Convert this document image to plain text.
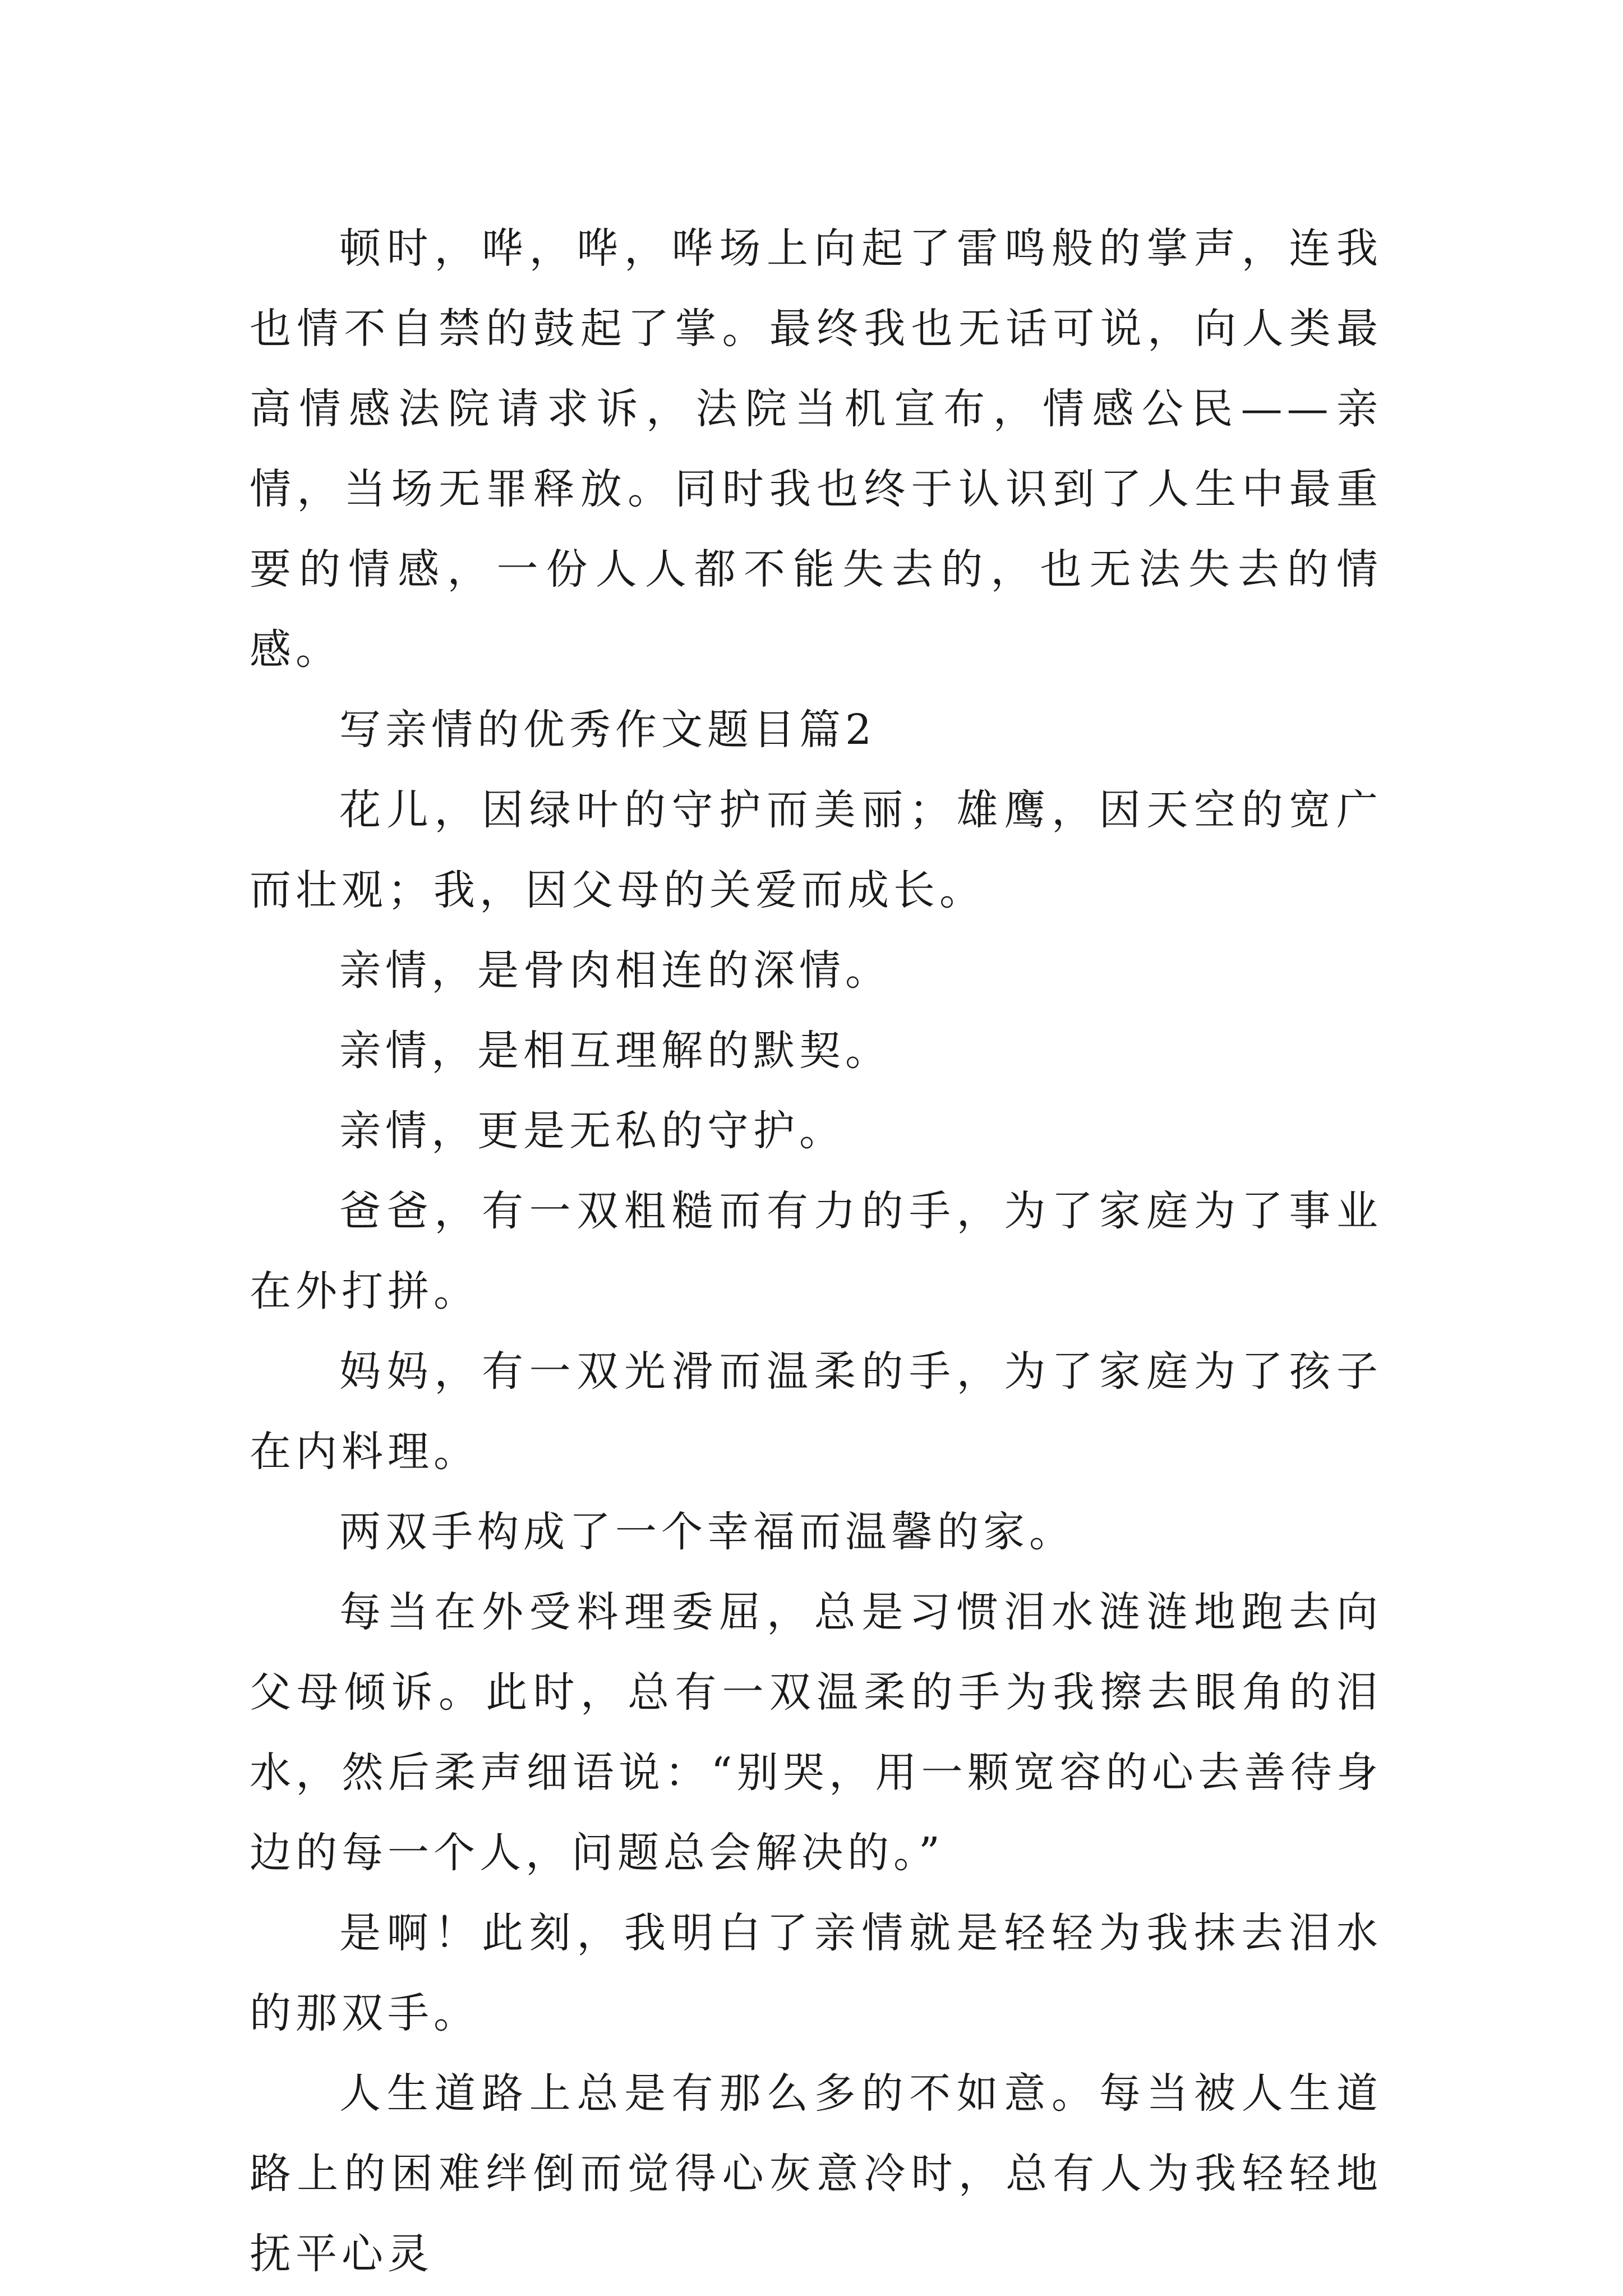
顿时，哗，哗，哗场上向起了雷鸣般的掌声，连我也情不自禁的鼓起了掌。最终我也无话可说，向人类最高情感法院请求诉，法院当机宣布，情感公民——亲情，当场无罪释放。同时我也终于认识到了人生中最重要的情感，一份人人都不能失去的，也无法失去的情感。

写亲情的优秀作文题目篇2

花儿，因绿叶的守护而美丽；雄鹰，因天空的宽广而壮观；我，因父母的关爱而成长。

亲情，是骨肉相连的深情。

亲情，是相互理解的默契。

亲情，更是无私的守护。

爸爸，有一双粗糙而有力的手，为了家庭为了事业在外打拼。

妈妈，有一双光滑而温柔的手，为了家庭为了孩子在内料理。

两双手构成了一个幸福而温馨的家。

每当在外受料理委屈，总是习惯泪水涟涟地跑去向父母倾诉。此时，总有一双温柔的手为我擦去眼角的泪水，然后柔声细语说：“别哭，用一颗宽容的心去善待身边的每一个人，问题总会解决的。”

是啊！此刻，我明白了亲情就是轻轻为我抹去泪水的那双手。

人生道路上总是有那么多的不如意。每当被人生道路上的困难绊倒而觉得心灰意冷时，总有人为我轻轻地抚平心灵
